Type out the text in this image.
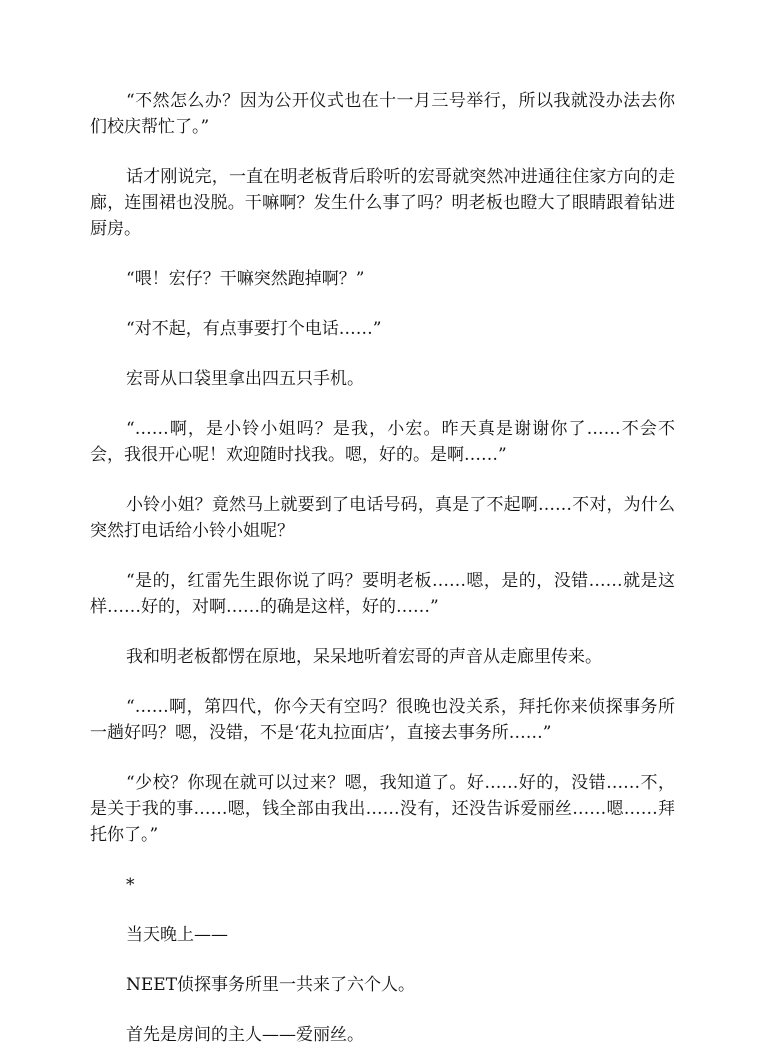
“不然怎么办？因为公开仪式也在十一月三号举行，所以我就没办法去你们校庆帮忙了。”

话才刚说完，一直在明老板背后聆听的宏哥就突然冲进通往住家方向的走廊，连围裙也没脱。干嘛啊？发生什么事了吗？明老板也瞪大了眼睛跟着钻进厨房。

“喂！宏仔？干嘛突然跑掉啊？”

“对不起，有点事要打个电话……”

宏哥从口袋里拿出四五只手机。

“……啊，是小铃小姐吗？是我，小宏。昨天真是谢谢你了……不会不会，我很开心呢！欢迎随时找我。嗯，好的。是啊……”

小铃小姐？竟然马上就要到了电话号码，真是了不起啊……不对，为什么突然打电话给小铃小姐呢？

“是的，红雷先生跟你说了吗？要明老板……嗯，是的，没错……就是这样……好的，对啊……的确是这样，好的……”

我和明老板都愣在原地，呆呆地听着宏哥的声音从走廊里传来。

“……啊，第四代，你今天有空吗？很晚也没关系，拜托你来侦探事务所一趟好吗？嗯，没错，不是‘花丸拉面店’，直接去事务所……”

“少校？你现在就可以过来？嗯，我知道了。好……好的，没错……不，是关于我的事……嗯，钱全部由我出……没有，还没告诉爱丽丝……嗯……拜托你了。”

*

当天晚上——

NEET侦探事务所里一共来了六个人。

首先是房间的主人——爱丽丝。
